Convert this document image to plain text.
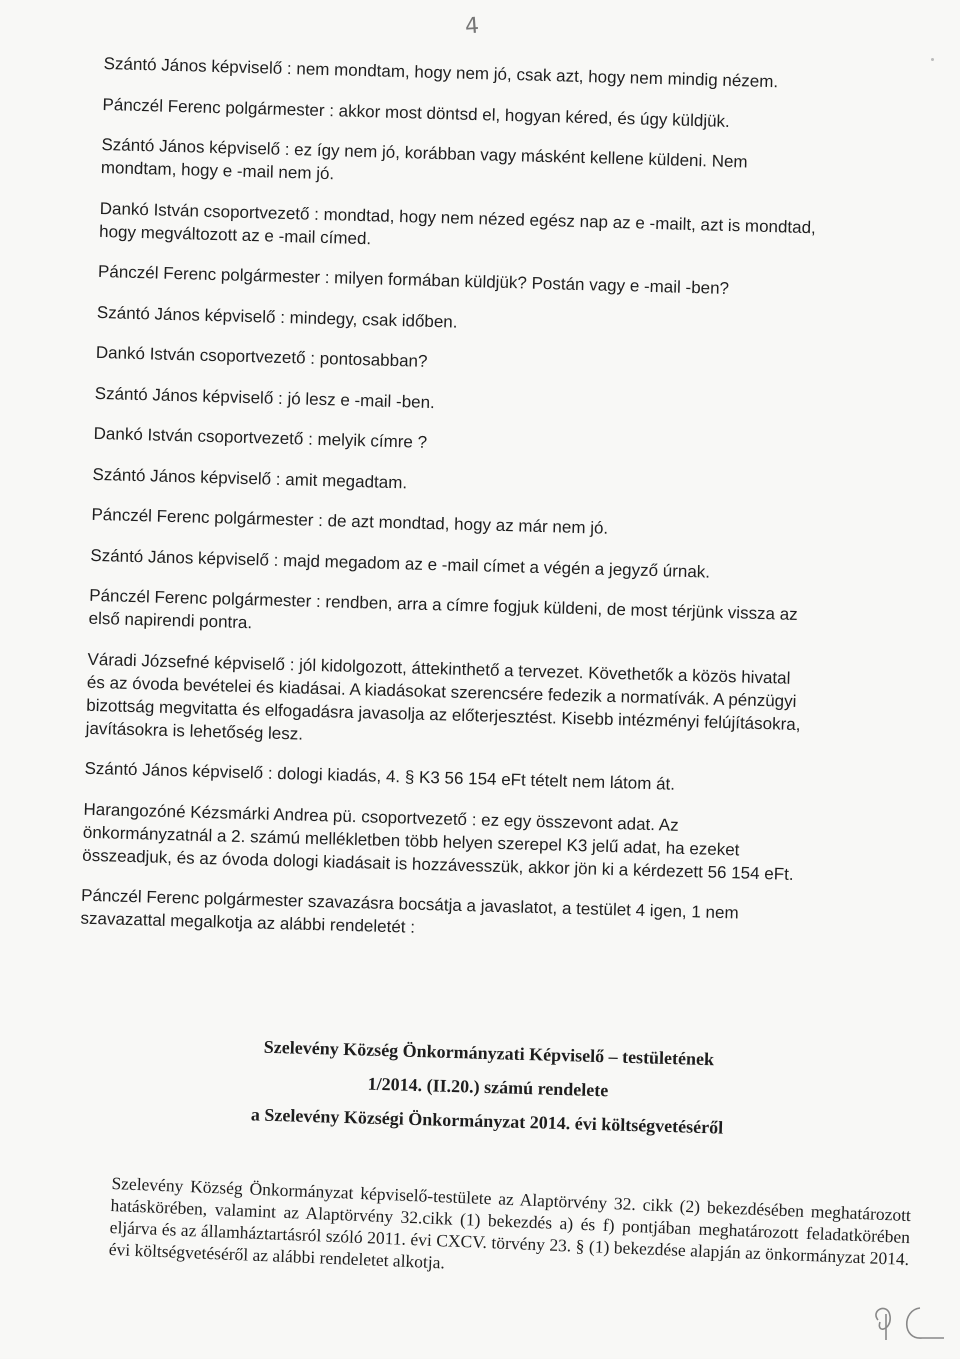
4

Szántó János képviselő : nem mondtam, hogy nem jó, csak azt, hogy nem mindig nézem.

Pánczél Ferenc polgármester : akkor most döntsd el, hogyan kéred, és úgy küldjük.

Szántó János képviselő : ez így nem jó, korábban vagy másként kellene küldeni. Nem
mondtam, hogy e -mail nem jó.

Dankó István csoportvezető : mondtad, hogy nem nézed egész nap az e -mailt, azt is mondtad,
hogy megváltozott az e -mail címed.

Pánczél Ferenc polgármester : milyen formában küldjük? Postán vagy e -mail -ben?

Szántó János képviselő : mindegy, csak időben.

Dankó István csoportvezető : pontosabban?

Szántó János képviselő : jó lesz e -mail -ben.

Dankó István csoportvezető : melyik címre ?

Szántó János képviselő : amit megadtam.

Pánczél Ferenc polgármester : de azt mondtad, hogy az már nem jó.

Szántó János képviselő : majd megadom az e -mail címet a végén a jegyző úrnak.

Pánczél Ferenc polgármester : rendben, arra a címre fogjuk küldeni, de most térjünk vissza az
első napirendi pontra.

Váradi Józsefné képviselő : jól kidolgozott, áttekinthető a tervezet. Követhetők a közös hivatal
és az óvoda bevételei és kiadásai. A kiadásokat szerencsére fedezik a normatívák. A pénzügyi
bizottság megvitatta és elfogadásra javasolja az előterjesztést. Kisebb intézményi felújításokra,
javításokra is lehetőség lesz.

Szántó János képviselő : dologi kiadás, 4. § K3 56 154 eFt tételt nem látom át.

Harangozóné Kézsmárki Andrea pü. csoportvezető : ez egy összevont adat. Az
önkormányzatnál a 2. számú mellékletben több helyen szerepel K3 jelű adat, ha ezeket
összeadjuk, és az óvoda dologi kiadásait is hozzávesszük, akkor jön ki a kérdezett 56 154 eFt.

Pánczél Ferenc polgármester szavazásra bocsátja a javaslatot, a testület 4 igen, 1 nem
szavazattal megalkotja az alábbi rendeletét :

Szelevény Község Önkormányzati Képviselő – testületének
1/2014. (II.20.) számú rendelete
a Szelevény Községi Önkormányzat 2014. évi költségvetéséről
Szelevény Község Önkormányzat képviselő-testülete az Alaptörvény 32. cikk (2) bekezdésében meghatározott hatáskörében, valamint az Alaptörvény 32.cikk (1) bekezdés a) és f) pontjában meghatározott feladatkörében eljárva és az államháztartásról szóló 2011. évi CXCV. törvény 23. § (1) bekezdése alapján az önkormányzat 2014. évi költségvetéséről az alábbi rendeletet alkotja.
